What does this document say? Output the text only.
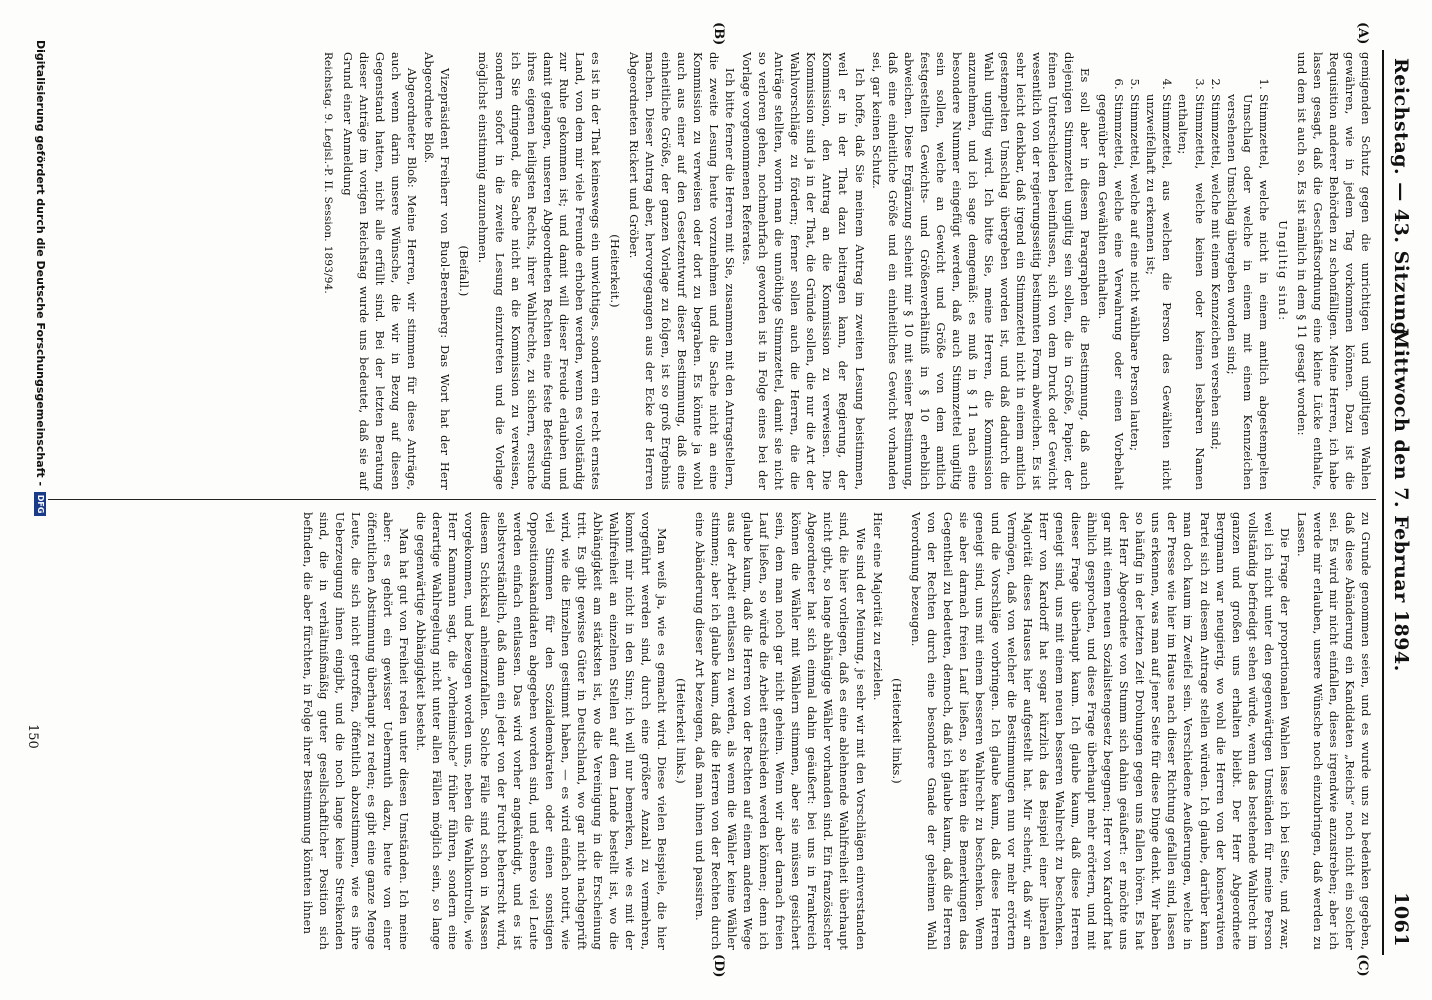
Reichstag. — 43. Sitzung.
Mittwoch den 7. Februar 1894.
1061
(A)
(B)
(C)
(D)

gemigenden Schutz gegen die unrichtigen und ungiltigen Wahlen gewähren, wie in jedem Tag vorkommen können. Dazu ist die Requisition anderer Behörden zu schonfälligen. Meine Herren, ich habe lassen gesagt, daß die Geschäftsordnung eine kleine Lücke enthalte, und dem ist auch so. Es ist nämlich in dem § 11 gesagt worden:

Ungiltig sind:

1. Stimmzettel, welche nicht in einem amtlich abgestempelten Umschlag oder welche in einem mit einem Kennzeichen versehenen Umschlag übergeben worden sind;
2. Stimmzettel, welche mit einem Kennzeichen versehen sind;
3. Stimmzettel, welche keinen oder keinen lesbaren Namen enthalten;
4. Stimmzettel, aus welchen die Person des Gewählten nicht unzweifelhaft zu erkennen ist;
5. Stimmzettel, welche auf eine nicht wählbare Person lauten;
6. Stimmzettel, welche eine Verwahrung oder einen Vorbehalt gegenüber dem Gewählten enthalten.

Es soll aber in diesem Paragraphen die Bestimmung, daß auch diejenigen Stimmzettel ungiltig sein sollen, die in Größe, Papier, der feinen Unterschieden beeinflussen, sich von dem Druck oder Gewicht wesentlich von der regierungsseitig bestimmten Form abweichen. Es ist sehr leicht denkbar, daß irgend ein Stimmzettel nicht in einem amtlich gestempelten Umschlag übergeben worden ist, und daß dadurch die Wahl ungiltig wird. Ich bitte Sie, meine Herren, die Kommission anzunehmen, und ich sage demgemäß: es muß in § 11 nach eine besondere Nummer eingefügt werden, daß auch Stimmzettel ungiltig sein sollen, welche an Gewicht und Größe von dem amtlich festgestellten Gewichts- und Größenverhältniß in § 10 erheblich abweichen. Diese Ergänzung scheint mir § 10 mit seiner Bestimmung, daß eine einheitliche Größe und ein einheitliches Gewicht vorhanden sei, gar keinen Schutz.

Ich hoffe, daß Sie meinem Antrag im zweiten Lesung beistimmen, weil er in der That dazu beitragen kann, der Regierung, der Kommission, den Antrag an die Kommission zu verweisen. Die Kommission sind ja in der That, die Gründe sollen, die nur die Art der Wahlvorschläge zu fördern; ferner sollen auch die Herren, die die Anträge stellten, worin man die unnöthige Stimmzettel, damit sie nicht so verloren gehen, nochmehrfach geworden ist in Folge eines bei der Vorlage vorgenommenen Referates.

Ich bitte ferner die Herren mit Sie, zusammen mit den Antragstellern, die zweite Lesung heute vorzunehmen und die Sache nicht an eine Kommission zu verweisen oder dort zu begraben. Es könnte ja wohl auch aus einer auf den Gesetzentwurf dieser Bestimmung, daß eine einheitliche Größe, der ganzen Vorlage zu folgen, ist so groß Ergebnis machen. Dieser Antrag aber, hervorgegangen aus der Ecke der Herren Abgeordneten Rickert und Gröber.

(Heiterkeit.)

es ist in der That keineswegs ein unwichtiges, sondern ein recht ernstes Land, von dem mir viele Freunde erhoben werden, wenn es vollständig zur Ruhe gekommen ist; und damit will dieser Freude erlauben und damit gelangen, unseren Abgeordneten Rechten eine feste Befestigung ihres eigenen heiligsten Rechts, ihrer Wahlrechte, zu sichern, ersuche ich Sie dringend, die Sache nicht an die Kommission zu verweisen, sondern sofort in die zweite Lesung einzutreten und die Vorlage möglichst einstimmig anzunehmen.

(Beifall.)

Vizepräsident Freiherr von Buol-Berenberg: Das Wort hat der Herr Abgeordnete Bloß.

Abgeordneter Bloß: Meine Herren, wir stimmen für diese Anträge, auch wenn darin unsere Wünsche, die wir in Bezug auf diesen Gegenstand hatten, nicht alle erfüllt sind. Bei der letzten Beratung dieser Anträge im vorigen Reichstag wurde uns bedeutet, daß sie auf Grund einer Anmeldung

Reichstag. 9. Legisl.-P. II. Session. 1893/94.

zu Grunde genommen seien, und es wurde uns zu bedenken gegeben, daß diese Abänderung ein Kandidaten „Reichs“ noch nicht ein solcher sei. Es wird mir nicht einfallen, dieses irgendwie anzustreben; aber ich werde mir erlauben, unsere Wünsche noch einzubringen, daß werden zu Lassen.

Die Frage der proportionalen Wahlen lasse ich bei Seite, und zwar, weil ich nicht unter den gegenwärtigen Umständen für meine Person vollständig befriedigt sehen würde, wenn das bestehende Wahlrecht im ganzen und großen uns erhalten bleibt. Der Herr Abgeordnete Bergmann war neugierig, wo wohl die Herren von der konservativen Partei sich zu diesem Antrage stellen würden. Ich glaube, darüber kann man doch kaum im Zweifel sein. Verschiedene Aeußerungen, welche in der Presse wie hier im Hause nach dieser Richtung gefallen sind, lassen uns erkennen, was man auf jener Seite für diese Dinge denkt. Wir haben so häufig in der letzten Zeit Drohungen gegen uns fallen hören. Es hat der Herr Abgeordnete von Stumm sich dahin geäußert: er möchte uns gar mit einem neuen Sozialistengesetz begegnen; Herr von Kardorff hat ähnlich gesprochen, und diese Frage überhaupt mehr erörtern, und mit dieser Frage überhaupt kaum. Ich glaube kaum, daß diese Herren geneigt sind, uns mit einem neuen besseren Wahlrecht zu beschenken. Herr von Kardorff hat sogar kürzlich das Beispiel einer liberalen Majorität dieses Hauses hier aufgestellt hat. Mir scheint, daß wir an Vermögen, daß von welcher die Bestimmungen nun vor mehr erörtern und die Vorschläge vorbringen. Ich glaube kaum, daß diese Herren geneigt sind, uns mit einem besseren Wahlrecht zu beschenken. Wenn sie aber darnach freien Lauf ließen, so hätten die Bemerkungen das Gegentheil zu bedeuten, dennoch, daß ich glaube kaum, daß die Herren von der Rechten durch eine besondere Gnade der geheimen Wahl Verordnung bezeugen.

(Heiterkeit links.)

Hier eine Majorität zu erzielen.

Wie sind der Meinung, je sehr wir mit den Vorschlägen einverstanden sind, die hier vorliegen, daß es eine ablehnende Wahlfreiheit überhaupt nicht gibt, so lange abhängige Wähler vorhanden sind. Ein französischer Abgeordneter hat sich einmal dahin geäußert: bei uns in Frankreich können die Wähler mit Wählern stimmen, aber sie müssen gesichert sein, dem man noch gar nicht geheim. Wenn wir aber darnach freien Lauf ließen, so würde die Arbeit entschieden werden können; denn ich glaube kaum, daß die Herren von der Rechten auf einem anderen Wege aus der Arbeit entlassen zu werden, als wenn die Wähler keine Wähler stimmen; aber ich glaube kaum, daß die Herren von der Rechten durch eine Abänderung dieser Art bezeugen, daß man ihnen und passiren.

(Heiterkeit links.)

Man weiß ja, wie es gemacht wird. Diese vielen Beispiele, die hier vorgeführt werden sind, durch eine größere Anzahl zu vermehren, kommt mir nicht in den Sinn; ich will nur bemerken, wie es mit der Wahlfreiheit an einzelnen Stellen auf dem Lande bestellt ist, wo die Abhängigkeit am stärksten ist, wo die Vereinigung in die Erscheinung tritt. Es gibt gewisse Güter in Deutschland, wo gar nicht nachgeprüft wird, wie die Einzelnen gestimmt haben, — es wird einfach notirt, wie viel Stimmen für den Sozialdemokraten oder einen sonstigen Oppositionskandidaten abgegeben worden sind, und ebenso viel Leute werden einfach entlassen. Das wird vorher angekündigt, und es ist selbstverständlich, daß dann ein jeder von der Furcht beherrscht wird, diesem Schicksal anheimzufallen. Solche Fälle sind schon in Massen vorgekommen, und bezeugen worden uns, neben die Wahlkontrolle, wie Herr Kammann sagt, die „Vorheimische“ früher führen, sondern eine derartige Wahlregelung nicht unter allen Fällen möglich sein, so lange die gegenwärtige Abhängigkeit besteht.

Man hat gut von Freiheit reden unter diesen Umständen. Ich meine aber: es gehört ein gewisser Uebermuth dazu, heute von einer öffentlichen Abstimmung überhaupt zu reden; es gibt eine ganze Menge Leute, die sich nicht getroffen, öffentlich abzustimmen, wie es ihre Ueberzeugung ihnen eingibt, und die noch lange keine Streikenden sind, die in verhältnißmäßig guter gesellschaftlicher Position sich befinden, die aber fürchten, in Folge ihrer Bestimmung könnten ihnen

150
Digitalisierung gefördert durch die Deutsche Forschungsgemeinschaft -
DFG
